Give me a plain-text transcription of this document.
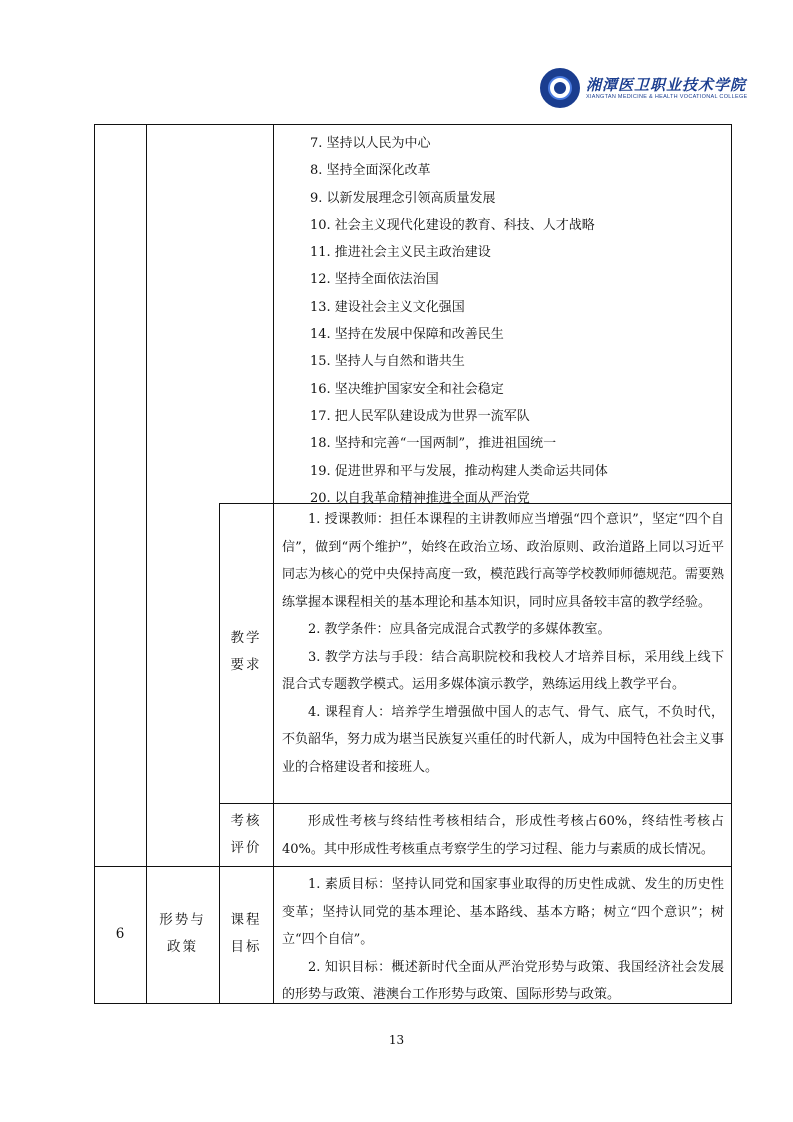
湘潭医卫职业技术学院
XIANGTAN MEDICINE & HEALTH VOCATIONAL COLLEGE
7. 坚持以人民为中心
8. 坚持全面深化改革
9. 以新发展理念引领高质量发展
10. 社会主义现代化建设的教育、科技、人才战略
11. 推进社会主义民主政治建设
12. 坚持全面依法治国
13. 建设社会主义文化强国
14. 坚持在发展中保障和改善民生
15. 坚持人与自然和谐共生
16. 坚决维护国家安全和社会稳定
17. 把人民军队建设成为世界一流军队
18. 坚持和完善“一国两制”，推进祖国统一
19. 促进世界和平与发展，推动构建人类命运共同体
20. 以自我革命精神推进全面从严治党
教学
要求

1. 授课教师：担任本课程的主讲教师应当增强“四个意识”，坚定“四个自信”，做到“两个维护”，始终在政治立场、政治原则、政治道路上同以习近平同志为核心的党中央保持高度一致，模范践行高等学校教师师德规范。需要熟练掌握本课程相关的基本理论和基本知识，同时应具备较丰富的教学经验。

2. 教学条件：应具备完成混合式教学的多媒体教室。

3. 教学方法与手段：结合高职院校和我校人才培养目标，采用线上线下混合式专题教学模式。运用多媒体演示教学，熟练运用线上教学平台。

4. 课程育人：培养学生增强做中国人的志气、骨气、底气，不负时代，不负韶华，努力成为堪当民族复兴重任的时代新人，成为中国特色社会主义事业的合格建设者和接班人。

考核
评价

形成性考核与终结性考核相结合，形成性考核占60%，终结性考核占40%。其中形成性考核重点考察学生的学习过程、能力与素质的成长情况。

6
形势与
政策
课程
目标

1. 素质目标：坚持认同党和国家事业取得的历史性成就、发生的历史性变革；坚持认同党的基本理论、基本路线、基本方略；树立“四个意识”；树立“四个自信”。

2. 知识目标：概述新时代全面从严治党形势与政策、我国经济社会发展的形势与政策、港澳台工作形势与政策、国际形势与政策。

13
